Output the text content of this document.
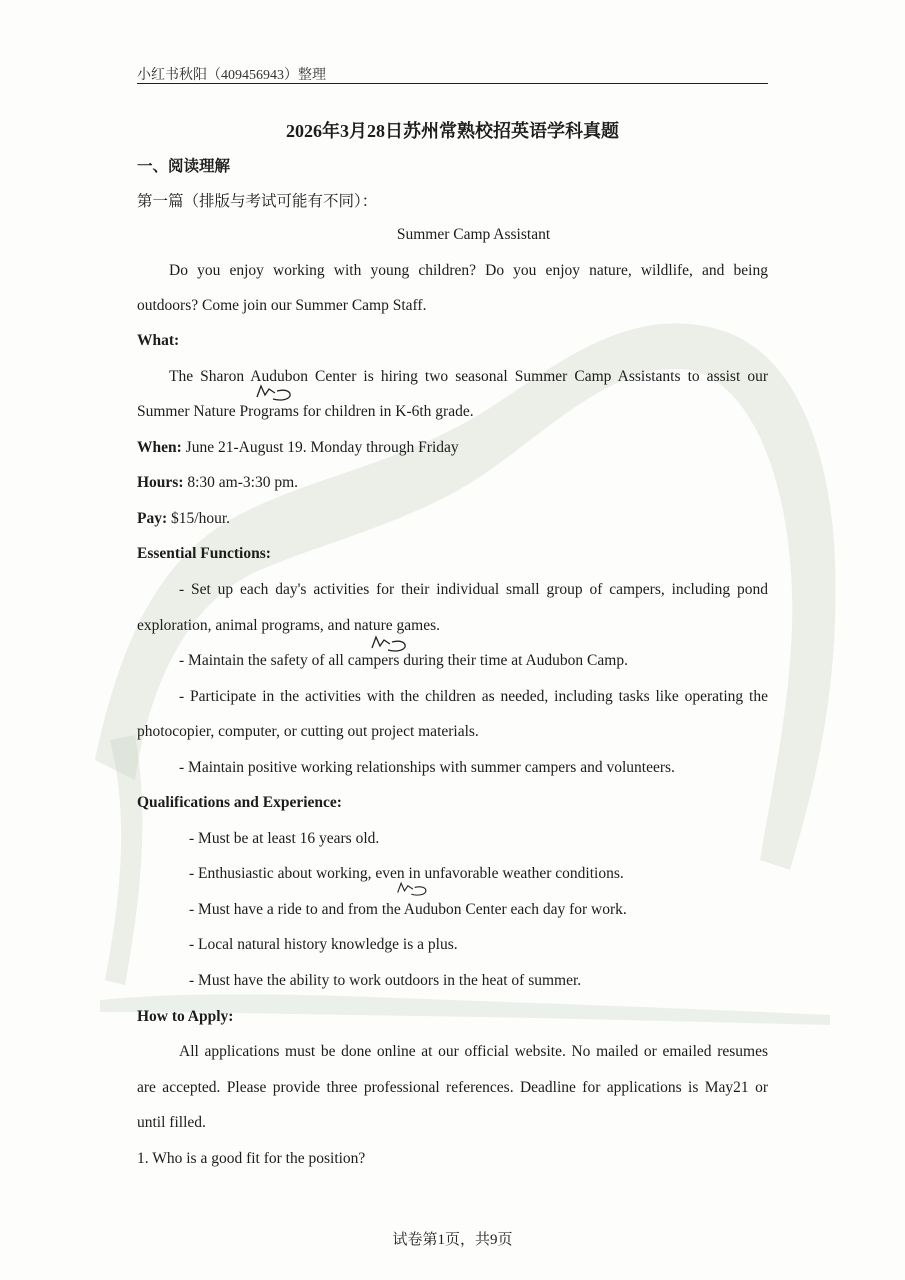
小红书秋阳（409456943）整理
2026年3月28日苏州常熟校招英语学科真题
一、阅读理解
第一篇（排版与考试可能有不同）：
Summer Camp Assistant
Do you enjoy working with young children? Do you enjoy nature, wildlife, and being
outdoors? Come join our Summer Camp Staff.
What:
The Sharon Audubon Center is hiring two seasonal Summer Camp Assistants to assist our
Summer Nature Programs for children in K-6th grade.
When: June 21-August 19. Monday through Friday
Hours: 8:30 am-3:30 pm.
Pay: $15/hour.
Essential Functions:
- Set up each day's activities for their individual small group of campers, including pond
exploration, animal programs, and nature games.
- Maintain the safety of all campers during their time at Audubon Camp.
- Participate in the activities with the children as needed, including tasks like operating the
photocopier, computer, or cutting out project materials.
- Maintain positive working relationships with summer campers and volunteers.
Qualifications and Experience:
- Must be at least 16 years old.
- Enthusiastic about working, even in unfavorable weather conditions.
- Must have a ride to and from the Audubon Center each day for work.
- Local natural history knowledge is a plus.
- Must have the ability to work outdoors in the heat of summer.
How to Apply:
All applications must be done online at our official website. No mailed or emailed resumes
are accepted. Please provide three professional references. Deadline for applications is May21 or
until filled.
1. Who is a good fit for the position?
试卷第1页，共9页
